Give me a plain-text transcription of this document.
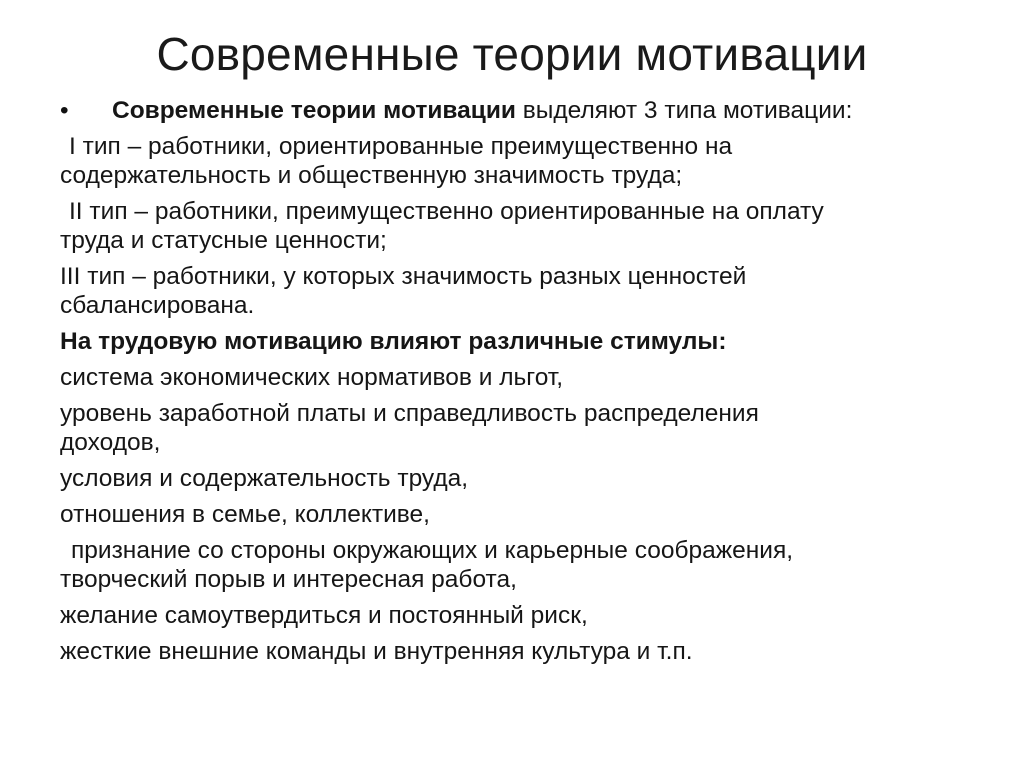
Современные теории мотивации
• Современные теории мотивации выделяют 3 типа мотивации:

I тип – работники, ориентированные преимущественно на

содержательность и общественную значимость труда;

II тип – работники, преимущественно ориентированные на оплату

труда и статусные ценности;

III тип – работники, у которых значимость разных ценностей

сбалансирована.

На трудовую мотивацию влияют различные стимулы:

система экономических нормативов и льгот,

уровень заработной платы и справедливость распределения

доходов,

условия и содержательность труда,

отношения в семье, коллективе,

признание со стороны окружающих и карьерные соображения,

творческий порыв и интересная работа,

желание самоутвердиться и постоянный риск,

жесткие внешние команды и внутренняя культура и т.п.
